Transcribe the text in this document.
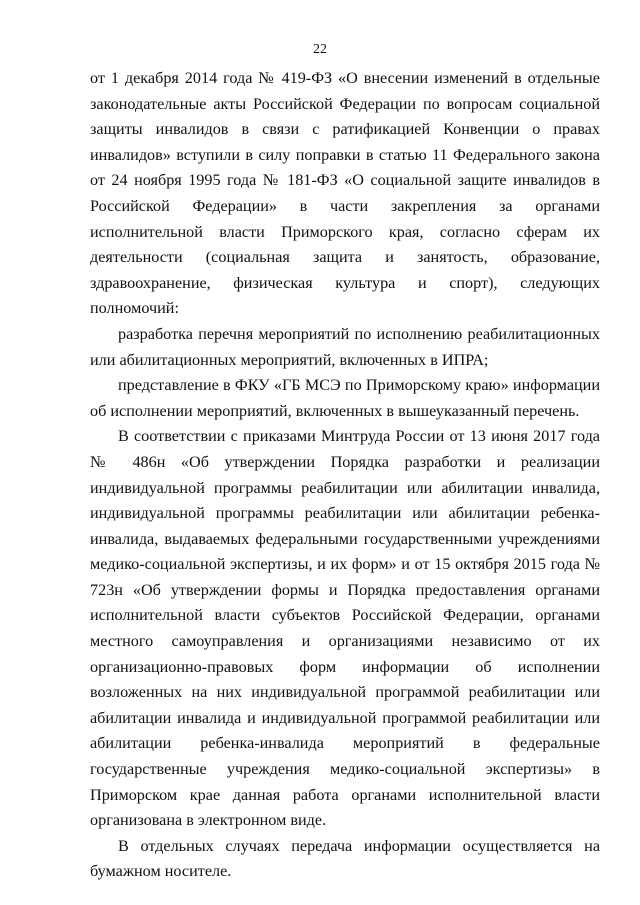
22

от 1 декабря 2014 года № 419-ФЗ «О внесении изменений в отдельные законодательные акты Российской Федерации по вопросам социальной защиты инвалидов в связи с ратификацией Конвенции о правах инвалидов» вступили в силу поправки в статью 11 Федерального закона от 24 ноября 1995 года № 181-ФЗ «О социальной защите инвалидов в Российской Федерации» в части закрепления за органами исполнительной власти Приморского края, согласно сферам их деятельности (социальная защита и занятость, образование, здравоохранение, физическая культура и спорт), следующих полномочий:

разработка перечня мероприятий по исполнению реабилитационных или абилитационных мероприятий, включенных в ИПРА;

представление в ФКУ «ГБ МСЭ по Приморскому краю» информации об исполнении мероприятий, включенных в вышеуказанный перечень.

В соответствии с приказами Минтруда России от 13 июня 2017 года № 486н «Об утверждении Порядка разработки и реализации индивидуальной программы реабилитации или абилитации инвалида, индивидуальной программы реабилитации или абилитации ребенка-инвалида, выдаваемых федеральными государственными учреждениями медико-социальной экспертизы, и их форм» и от 15 октября 2015 года № 723н «Об утверждении формы и Порядка предоставления органами исполнительной власти субъектов Российской Федерации, органами местного самоуправления и организациями независимо от их организационно-правовых форм информации об исполнении возложенных на них индивидуальной программой реабилитации или абилитации инвалида и индивидуальной программой реабилитации или абилитации ребенка-инвалида мероприятий в федеральные государственные учреждения медико-социальной экспертизы» в Приморском крае данная работа органами исполнительной власти организована в электронном виде.

В отдельных случаях передача информации осуществляется на бумажном носителе.
